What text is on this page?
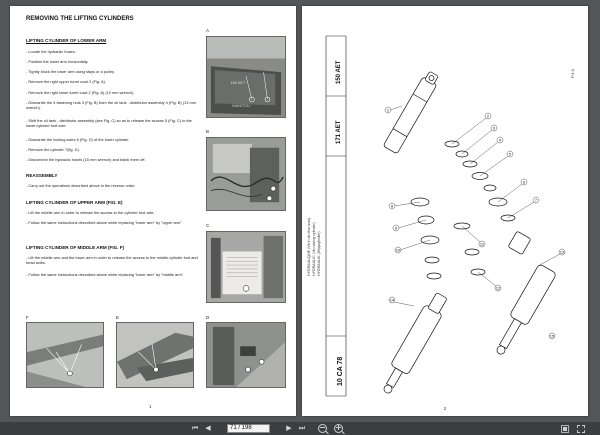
REMOVING THE LIFTING CYLINDERS
LIFTING CYLINDER OF LOWER ARM
- Locate the hydraulic hoses.
- Position the lower arm horizontally.
- Tightly block the lower arm using stays or a pulley.
- Remove the right upper turret cowl 2 (Fig. A).
- Remove the right lower turret cowl 2 (Fig. A) (10 mm wrench).
- Dismantle the 4 fastening nuts 3 (Fig. B) from the oil tank - distributor assembly 4 (Fig. B) (13 mm wrench).
- Shift the oil tank - distributor assembly (see Fig. C) so as to release the access 5 (Fig. C) to the lower cylinder foot axle.
- Dismantle the locking axles 6 (Fig. D) of the lower cylinder.
- Remove the cylinder 7(fig. D).
- Disconnect the hydraulic hoses (15 mm wrench) and blank them off.
REASSEMBLY
- Carry out the operations described above in the reverse order.
LIFTING CYLINDER OF UPPER ARM (FIG. E)
- Lift the middle arm in order to release the access to the cylinder foot axle.
- Follow the same instructions described above while replacing "lower arm" by "upper arm".
LIFTING CYLINDER OF MIDDLE ARM (FIG. F)
- Lift the middle arm and the lower arm in order to release the access to the middle cylinder foot and head axles.
- Follow the same instructions described above while replacing "lower arm" by "middle arm".
A
150 AET
MANITOU
B
C
F	E	D
1
150 AET
171 AET
10 CA 78
HYDRAULIQUE (Vérin de lève bras) HYDRAULIC (Jib raising cylinder) HYDRAULIK (Wippzylinder)
P.4.0
1
2
3
4
5
6
7
8
9
10
11
12
13
14
15
2
⏮	◀	71 / 198	▶	⏭
